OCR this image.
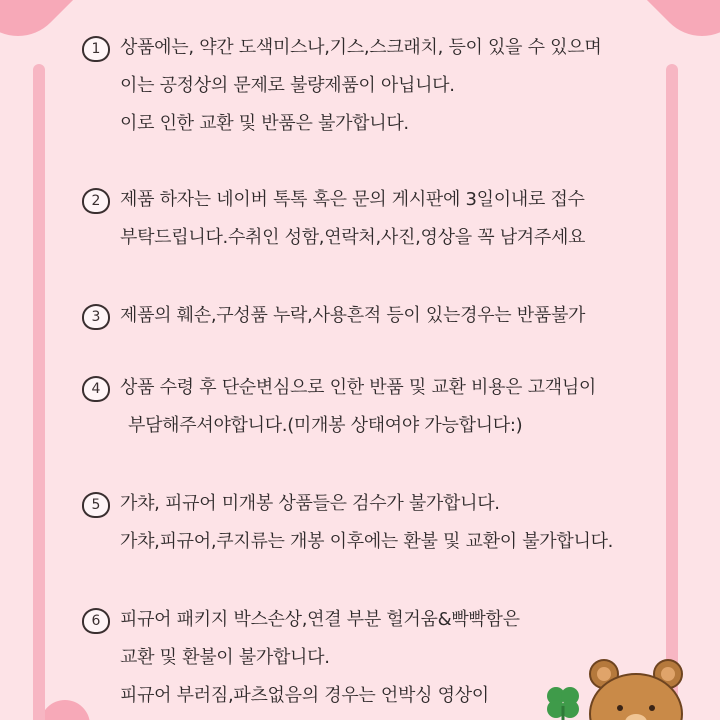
1	상품에는, 약간 도색미스나,기스,스크래치, 등이 있을 수 있으며
이는 공정상의 문제로 불량제품이 아닙니다.
이로 인한 교환 및 반품은 불가합니다.
2	제품 하자는 네이버 톡톡 혹은 문의 게시판에 3일이내로 접수
부탁드립니다.수취인 성함,연락처,사진,영상을 꼭 남겨주세요
3	제품의 훼손,구성품 누락,사용흔적 등이 있는경우는 반품불가
4	상품 수령 후 단순변심으로 인한 반품 및 교환 비용은 고객님이
부담해주셔야합니다.(미개봉 상태여야 가능합니다:)
5	가챠, 피규어 미개봉 상품들은 검수가 불가합니다.
가챠,피규어,쿠지류는 개봉 이후에는 환불 및 교환이 불가합니다.
6	피규어 패키지 박스손상,연결 부분 헐거움&빡빡함은
교환 및 환불이 불가합니다.
피규어 부러짐,파츠없음의 경우는 언박싱 영상이
